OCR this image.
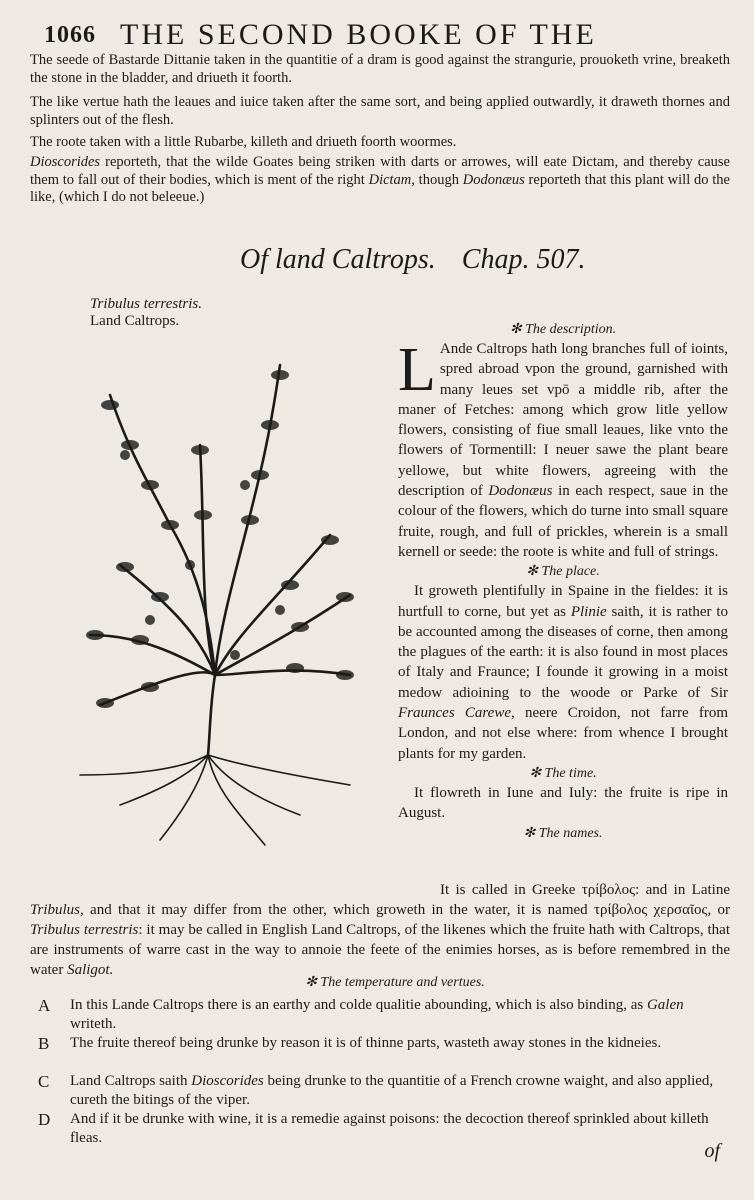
1066 THE SECOND BOOKE OF THE
The seede of Bastarde Dittanie taken in the quantitie of a dram is good against the strangurie, prouoketh vrine, breaketh the stone in the bladder, and driueth it foorth.
The like vertue hath the leaues and iuice taken after the same sort, and being applied outwardly, it draweth thornes and splinters out of the flesh.
The roote taken with a little Rubarbe, killeth and driueth foorth woormes.
Dioscorides reporteth, that the wilde Goates being striken with darts or arrowes, will eate Dictam, and thereby cause them to fall out of their bodies, which is ment of the right Dictam, though Dodonæus reporteth that this plant will do the like, (which I do not beleeue.)
Of land Caltrops. Chap. 507.
Tribulus terrestris.
Land Caltrops.
✻ The description.
L Ande Caltrops hath long branches full of ioints, spred abroad vpon the ground, garnished with many leues set vpō a middle rib, after the maner of Fetches: among which grow litle yellow flowers, consisting of fiue small leaues, like vnto the flowers of Tormentill: I neuer sawe the plant beare yellowe, but white flowers, agreeing with the description of Dodonæus in each respect, saue in the colour of the flowers, which do turne into small square fruite, rough, and full of prickles, wherein is a small kernell or seede: the roote is white and full of strings.
✻ The place.
It groweth plentifully in Spaine in the fieldes: it is hurtfull to corne, but yet as Plinie saith, it is rather to be accounted among the diseases of corne, then among the plagues of the earth: it is also found in most places of Italy and Fraunce; I founde it growing in a moist medow adioining to the woode or Parke of Sir Fraunces Carewe, neere Croidon, not farre from London, and not else where: from whence I brought plants for my garden.
✻ The time.
It flowreth in Iune and Iuly: the fruite is ripe in August.
✻ The names.
It is called in Greeke τρίβολος: and in Latine Tribulus, and that it may differ from the other, which groweth in the water, it is named τρίβολος χερσαῖος, or Tribulus terrestris: it may be called in English Land Caltrops, of the likenes which the fruite hath with Caltrops, that are instruments of warre cast in the way to annoie the feete of the enimies horses, as is before remembred in the water Saligot.
✻ The temperature and vertues.
A In this Lande Caltrops there is an earthy and colde qualitie abounding, which is also binding, as Galen writeth.
B The fruite thereof being drunke by reason it is of thinne parts, wasteth away stones in the kidneies.
C Land Caltrops saith Dioscorides being drunke to the quantitie of a French crowne waight, and also applied, cureth the bitings of the viper.
D And if it be drunke with wine, it is a remedie against poisons: the decoction thereof sprinkled about killeth fleas.
of
